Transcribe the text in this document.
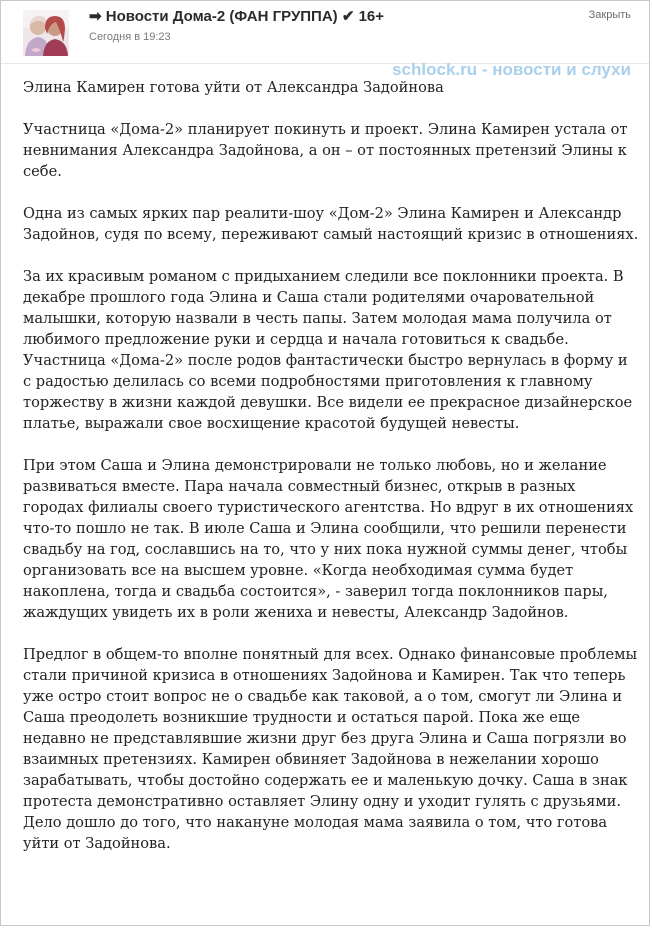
➡ Новости Дома-2 (ФАН ГРУППА) ✔ 16+
Сегодня в 19:23
Закрыть
schlock.ru - новости и слухи

Элина Камирен готова уйти от Александра Задойнова

Участница «Дома-2» планирует покинуть и проект. Элина Камирен устала от невнимания Александра Задойнова, а он – от постоянных претензий Элины к себе.

Одна из самых ярких пар реалити-шоу «Дом-2» Элина Камирен и Александр Задойнов, судя по всему, переживают самый настоящий кризис в отношениях.

За их красивым романом с придыханием следили все поклонники проекта. В декабре прошлого года Элина и Саша стали родителями очаровательной малышки, которую назвали в честь папы. Затем молодая мама получила от любимого предложение руки и сердца и начала готовиться к свадьбе. Участница «Дома-2» после родов фантастически быстро вернулась в форму и с радостью делилась со всеми подробностями приготовления к главному торжеству в жизни каждой девушки. Все видели ее прекрасное дизайнерское платье, выражали свое восхищение красотой будущей невесты.

При этом Саша и Элина демонстрировали не только любовь, но и желание развиваться вместе. Пара начала совместный бизнес, открыв в разных городах филиалы своего туристического агентства. Но вдруг в их отношениях что-то пошло не так. В июле Саша и Элина сообщили, что решили перенести свадьбу на год, сославшись на то, что у них пока нужной суммы денег, чтобы организовать все на высшем уровне. «Когда необходимая сумма будет накоплена, тогда и свадьба состоится», - заверил тогда поклонников пары, жаждущих увидеть их в роли жениха и невесты, Александр Задойнов.

Предлог в общем-то вполне понятный для всех. Однако финансовые проблемы стали причиной кризиса в отношениях Задойнова и Камирен. Так что теперь уже остро стоит вопрос не о свадьбе как таковой, а о том, смогут ли Элина и Саша преодолеть возникшие трудности и остаться парой. Пока же еще недавно не представлявшие жизни друг без друга Элина и Саша погрязли во взаимных претензиях. Камирен обвиняет Задойнова в нежелании хорошо зарабатывать, чтобы достойно содержать ее и маленькую дочку. Саша в знак протеста демонстративно оставляет Элину одну и уходит гулять с друзьями. Дело дошло до того, что накануне молодая мама заявила о том, что готова уйти от Задойнова.
